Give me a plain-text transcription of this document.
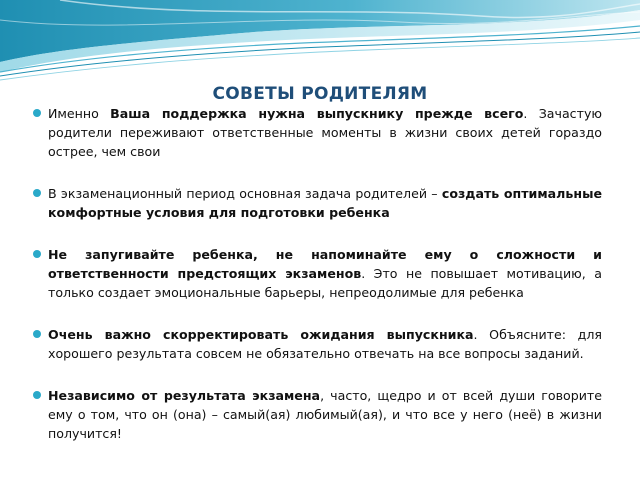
СОВЕТЫ РОДИТЕЛЯМ
Именно Ваша поддержка нужна выпускнику прежде всего. Зачастую родители переживают ответственные моменты в жизни своих детей гораздо острее, чем свои
В экзаменационный период основная задача родителей – создать оптимальные комфортные условия для подготовки ребенка
Не запугивайте ребенка, не напоминайте ему о сложности и ответственности предстоящих экзаменов. Это не повышает мотивацию, а только создает эмоциональные барьеры, непреодолимые для ребенка
Очень важно скорректировать ожидания выпускника. Объясните: для хорошего результата совсем не обязательно отвечать на все вопросы заданий.
Независимо от результата экзамена, часто, щедро и от всей души говорите ему о том, что он (она) – самый(ая) любимый(ая), и что все у него (неё) в жизни получится!
